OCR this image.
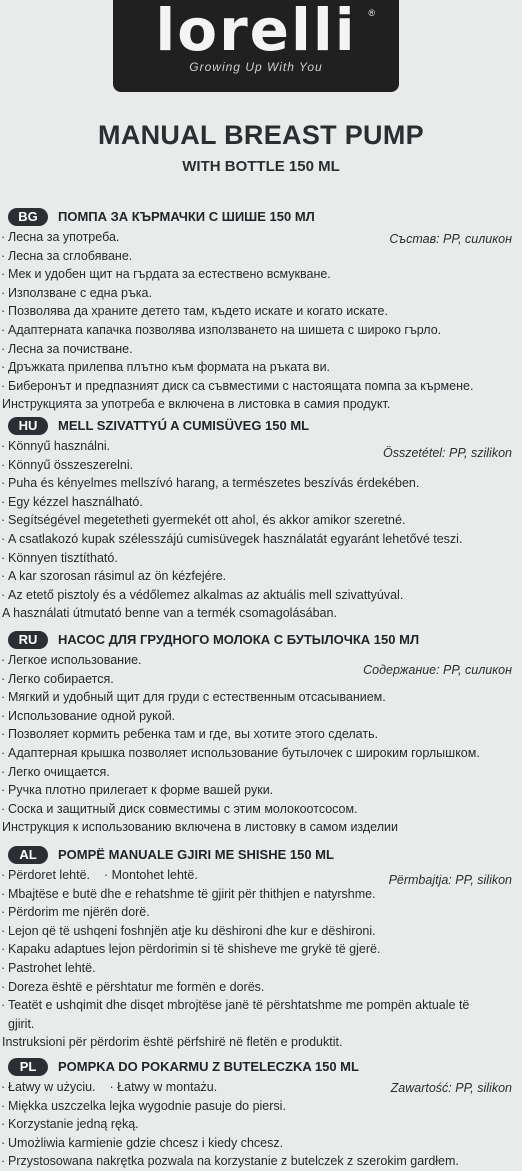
lorelli	®
Growing Up With You
MANUAL BREAST PUMP
WITH BOTTLE 150 ML
BG	ПОМПА ЗА КЪРМАЧКИ С ШИШЕ 150 МЛ
Състав: PP, силикон
· Лесна за употреба.
· Лесна за сглобяване.
· Мек и удобен щит на гърдата за естествено всмукване.
· Използване с една ръка.
· Позволява да храните детето там, където искате и когато искате.
· Адаптерната капачка позволява използването на шишета с широко гърло.
· Лесна за почистване.
· Дръжката прилепва плътно към формата на ръката ви.
· Биберонът и предпазният диск са съвместими с настоящата помпа за кърмене.
Инструкцията за употреба е включена в листовка в самия продукт.
HU	MELL SZIVATTYÚ A CUMISÜVEG 150 ML
Összetétel: PP, szilikon
· Könnyű használni.
· Könnyű összeszerelni.
· Puha és kényelmes mellszívó harang, a természetes beszívás érdekében.
· Egy kézzel használható.
· Segítségével megetetheti gyermekét ott ahol, és akkor amikor szeretné.
· A csatlakozó kupak szélesszájú cumisüvegek használatát egyaránt lehetővé teszi.
· Könnyen tisztítható.
· A kar szorosan rásimul az ön kézfejére.
· Az etető pisztoly és a védőlemez alkalmas az aktuális mell szivattyúval.
A használati útmutató benne van a termék csomagolásában.
RU	НАСОС ДЛЯ ГРУДНОГО МОЛОКА С БУТЫЛОЧКА 150 МЛ
Содержание: PP, силикон
· Легкое использование.
· Легко собирается.
· Мягкий и удобный щит для груди с естественным отсасыванием.
· Использование одной рукой.
· Позволяет кормить ребенка там и где, вы хотите этого сделать.
· Адаптерная крышка позволяет использование бутылочек с широким горлышком.
· Легко очищается.
· Ручка плотно прилегает к форме вашей руки.
· Соска и защитный диск совместимы с этим молокоотсосом.
Инструкция к использованию включена в листовку в самом изделии
AL	POMPË MANUALE GJIRI ME SHISHE 150 ML
Përmbajtja: PP, silikon
· Përdoret lehtë. · Montohet lehtë.
· Mbajtëse e butë dhe e rehatshme të gjirit për thithjen e natyrshme.
· Përdorim me njërën dorë.
· Lejon që të ushqeni foshnjën atje ku dëshironi dhe kur e dëshironi.
· Kapaku adaptues lejon përdorimin si të shisheve me grykë të gjerë.
· Pastrohet lehtë.
· Doreza është e përshtatur me formën e dorës.
· Teatët e ushqimit dhe disqet mbrojtëse janë të përshtatshme me pompën aktuale të gjirit.
Instruksioni për përdorim është përfshirë në fletën e produktit.
PL	POMPKA DO POKARMU Z BUTELECZKA 150 ML
Zawartość: PP, silikon
· Łatwy w użyciu. · Łatwy w montażu.
· Miękka uszczelka lejka wygodnie pasuje do piersi.
· Korzystanie jedną ręką.
· Umożliwia karmienie gdzie chcesz i kiedy chcesz.
· Przystosowana nakrętka pozwala na korzystanie z butelczek z szerokim gardłem.
